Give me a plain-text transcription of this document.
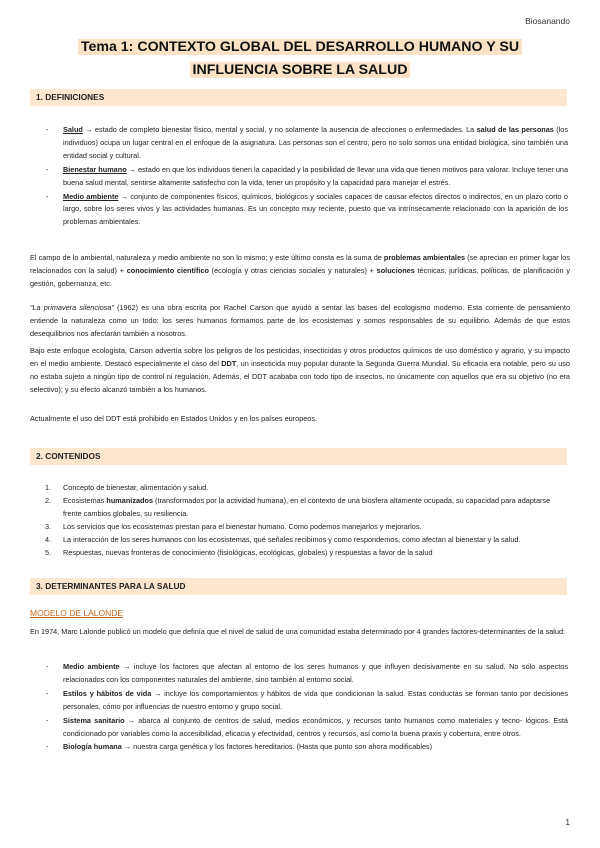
Biosanando
Tema 1: CONTEXTO GLOBAL DEL DESARROLLO HUMANO Y SU
INFLUENCIA SOBRE LA SALUD
1. DEFINICIONES
- Salud → estado de completo bienestar físico, mental y social, y no solamente la ausencia de afecciones o enfermedades. La salud de las personas (los individuos) ocupa un lugar central en el enfoque de la asignatura. Las personas son el centro, pero no solo somos una entidad biológica, sino también una entidad social y cultural.
- Bienestar humano → estado en que los individuos tienen la capacidad y la posibilidad de llevar una vida que tienen motivos para valorar. Incluye tener una buena salud mental, sentirse altamente satisfecho con la vida, tener un propósito y la capacidad para manejar el estrés.
- Medio ambiente → conjunto de componentes físicos, químicos, biológicos y sociales capaces de causar efectos directos o indirectos, en un plazo corto o largo, sobre los seres vivos y las actividades humanas. Es un concepto muy reciente, puesto que va intrínsecamente relacionado con la aparición de los problemas ambientales.
El campo de lo ambiental, naturaleza y medio ambiente no son lo mismo; y este último consta es la suma de problemas ambientales (se aprecian en primer lugar los relacionados con la salud) + conocimiento científico (ecología y otras ciencias sociales y naturales) + soluciones técnicas, jurídicas, políticas, de planificación y gestión, gobernanza, etc.
“La primavera silenciosa” (1962) es una obra escrita por Rachel Carson que ayudó a sentar las bases del ecologismo moderno. Esta corriente de pensamiento entiende la naturaleza como un todo: los seres humanos formamos parte de los ecosistemas y somos responsables de su equilibrio. Además de que estos desequilibrios nos afectarán también a nosotros.
Bajo este enfoque ecologista, Carson advertía sobre los peligros de los pesticidas, insecticidas y otros productos químicos de uso doméstico y agrario, y su impacto en el medio ambiente. Destacó especialmente el caso del DDT, un insecticida muy popular durante la Segunda Guerra Mundial. Su eficacia era notable, pero su uso no estaba sujeto a ningún tipo de control ni regulación. Además, el DDT acababa con todo tipo de insectos, no únicamente con aquellos que era su objetivo (no era selectivo); y su efecto alcanzó también a los humanos.
Actualmente el uso del DDT está prohibido en Estados Unidos y en los países europeos.
2. CONTENIDOS
1. Concepto de bienestar, alimentación y salud.
2. Ecosistemas humanizados (transformados por la actividad humana), en el contexto de una biosfera altamente ocupada, su capacidad para adaptarse frente cambios globales, su resiliencia.
3. Los servicios que los ecosistemas prestan para el bienestar humano. Como podemos manejarlos y mejorarlos.
4. La interacción de los seres humanos con los ecosistemas, qué señales recibimos y como respondemos, como afectan al bienestar y la salud.
5. Respuestas, nuevas fronteras de conocimiento (fisiológicas, ecológicas, globales) y respuestas a favor de la salud
3. DETERMINANTES PARA LA SALUD
MODELO DE LALONDE
En 1974, Marc Lalonde publicó un modelo que definía que el nivel de salud de una comunidad estaba determinado por 4 grandes factores-determinantes de la salud:
- Medio ambiente → incluye los factores que afectan al entorno de los seres humanos y que influyen decisivamente en su salud. No sólo aspectos relacionados con los componentes naturales del ambiente, sino también al entorno social.
- Estilos y hábitos de vida → incluye los comportamientos y hábitos de vida que condicionan la salud. Estas conductas se forman tanto por decisiones personales, cómo por influencias de nuestro entorno y grupo social.
- Sistema sanitario → abarca al conjunto de centros de salud, medios económicos, y recursos tanto humanos como materiales y tecno- lógicos. Está condicionado por variables como la accesibilidad, eficacia y efectividad, centros y recursos, así como la buena praxis y cobertura, entre otros.
- Biología humana → nuestra carga genética y los factores hereditarios. (Hasta que punto son ahora modificables)
1
